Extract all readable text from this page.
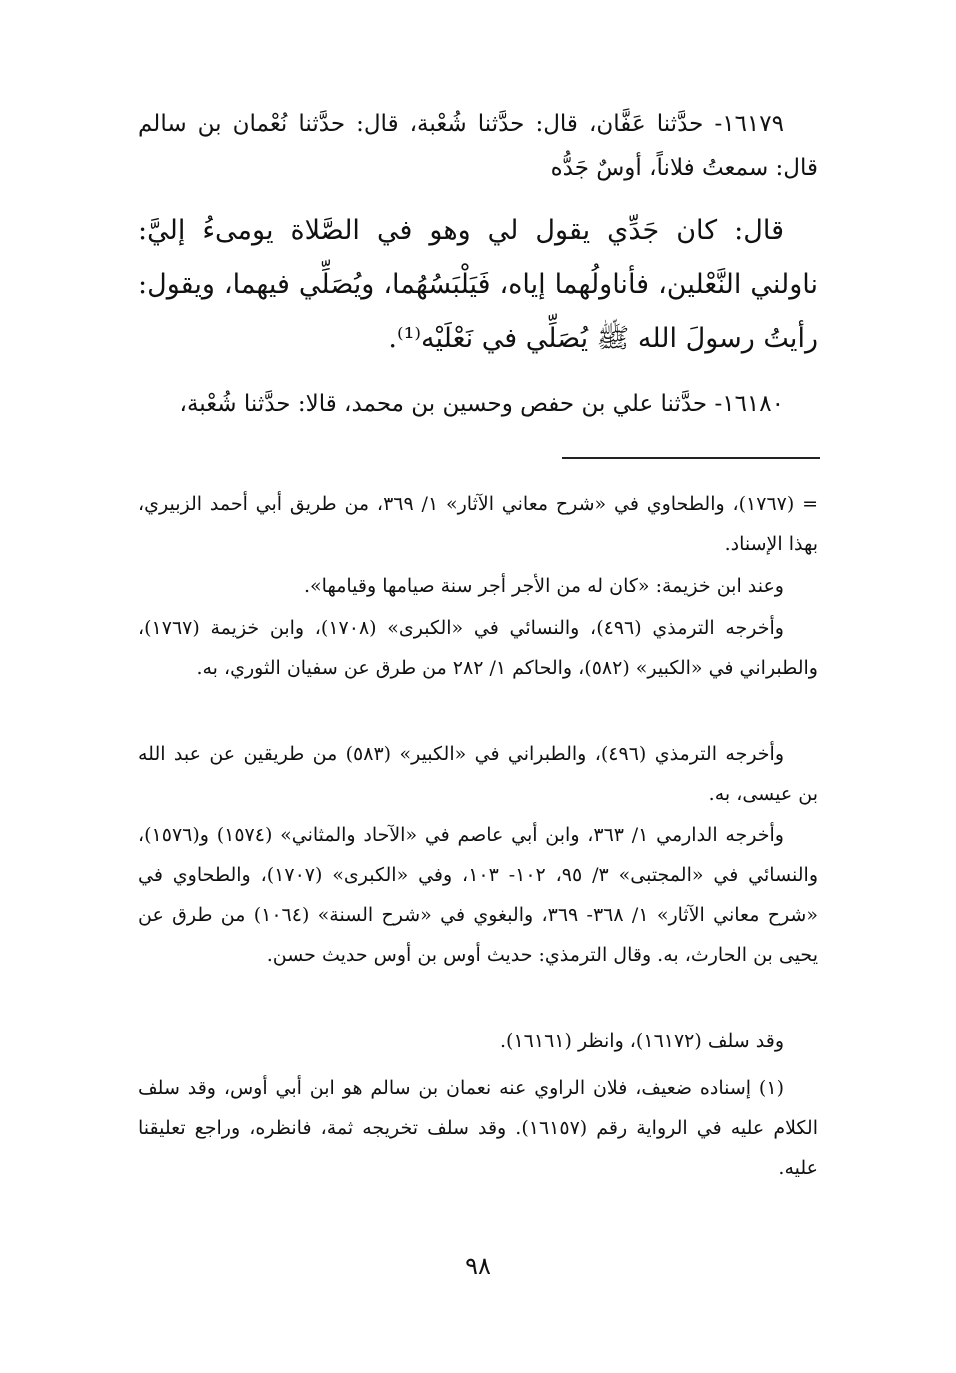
١٦١٧٩- حدَّثنا عَفَّان، قال: حدَّثنا شُعْبة، قال: حدَّثنا نُعْمان بن سالم قال: سمعتُ فلاناً، أوسٌ جَدُّه
قال: كان جَدِّي يقول لي وهو في الصَّلاة يومىءُ إليَّ: ناولني النَّعْلين، فأناولُهما إياه، فَيَلْبَسُهُما، ويُصَلِّي فيهما، ويقول: رأيتُ رسولَ الله ﷺ يُصَلِّي في نَعْلَيْه⁽¹⁾.
١٦١٨٠- حدَّثنا علي بن حفص وحسين بن محمد، قالا: حدَّثنا شُعْبة،
= (١٧٦٧)، والطحاوي في «شرح معاني الآثار» ١/ ٣٦٩، من طريق أبي أحمد الزبيري، بهذا الإسناد.
وعند ابن خزيمة: «كان له من الأجر أجر سنة صيامها وقيامها».
وأخرجه الترمذي (٤٩٦)، والنسائي في «الكبرى» (١٧٠٨)، وابن خزيمة (١٧٦٧)، والطبراني في «الكبير» (٥٨٢)، والحاكم ١/ ٢٨٢ من طرق عن سفيان الثوري، به.
وأخرجه الترمذي (٤٩٦)، والطبراني في «الكبير» (٥٨٣) من طريقين عن عبد الله بن عيسى، به.
وأخرجه الدارمي ١/ ٣٦٣، وابن أبي عاصم في «الآحاد والمثاني» (١٥٧٤) و(١٥٧٦)، والنسائي في «المجتبى» ٣/ ٩٥، ١٠٢- ١٠٣، وفي «الكبرى» (١٧٠٧)، والطحاوي في «شرح معاني الآثار» ١/ ٣٦٨- ٣٦٩، والبغوي في «شرح السنة» (١٠٦٤) من طرق عن يحيى بن الحارث، به. وقال الترمذي: حديث أوس بن أوس حديث حسن.
وقد سلف (١٦١٧٢)، وانظر (١٦١٦١).
(١) إسناده ضعيف، فلان الراوي عنه نعمان بن سالم هو ابن أبي أوس، وقد سلف الكلام عليه في الرواية رقم (١٦١٥٧). وقد سلف تخريجه ثمة، فانظره، وراجع تعليقنا عليه.
٩٨
